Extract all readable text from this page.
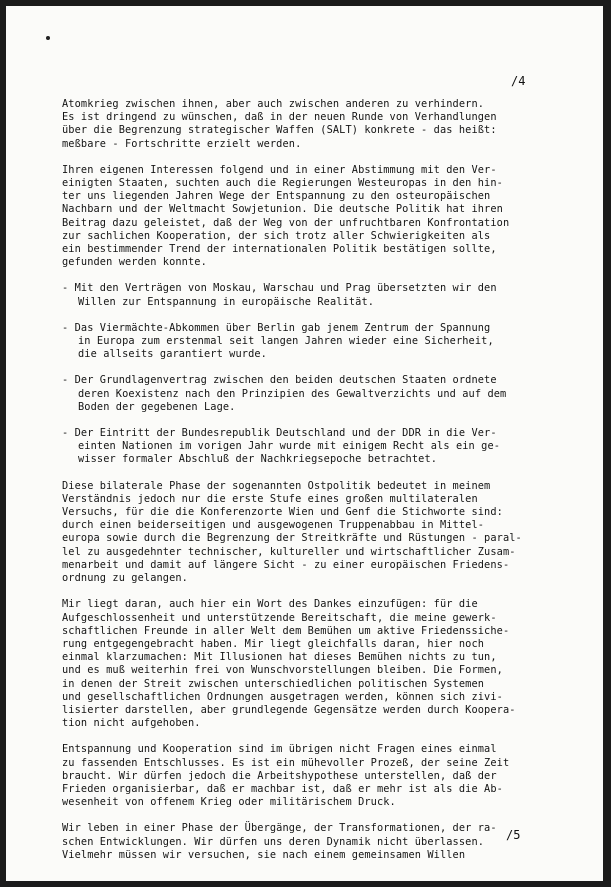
/4
Atomkrieg zwischen ihnen, aber auch zwischen anderen zu verhindern.
Es ist dringend zu wünschen, daß in der neuen Runde von Verhandlungen
über die Begrenzung strategischer Waffen (SALT) konkrete - das heißt:
meßbare - Fortschritte erzielt werden.
Ihren eigenen Interessen folgend und in einer Abstimmung mit den Ver-
einigten Staaten, suchten auch die Regierungen Westeuropas in den hin-
ter uns liegenden Jahren Wege der Entspannung zu den osteuropäischen
Nachbarn und der Weltmacht Sowjetunion. Die deutsche Politik hat ihren
Beitrag dazu geleistet, daß der Weg von der unfruchtbaren Konfrontation
zur sachlichen Kooperation, der sich trotz aller Schwierigkeiten als
ein bestimmender Trend der internationalen Politik bestätigen sollte,
gefunden werden konnte.
- Mit den Verträgen von Moskau, Warschau und Prag übersetzten wir den
Willen zur Entspannung in europäische Realität.
- Das Viermächte-Abkommen über Berlin gab jenem Zentrum der Spannung
in Europa zum erstenmal seit langen Jahren wieder eine Sicherheit,
die allseits garantiert wurde.
- Der Grundlagenvertrag zwischen den beiden deutschen Staaten ordnete
deren Koexistenz nach den Prinzipien des Gewaltverzichts und auf dem
Boden der gegebenen Lage.
- Der Eintritt der Bundesrepublik Deutschland und der DDR in die Ver-
einten Nationen im vorigen Jahr wurde mit einigem Recht als ein ge-
wisser formaler Abschluß der Nachkriegsepoche betrachtet.
Diese bilaterale Phase der sogenannten Ostpolitik bedeutet in meinem
Verständnis jedoch nur die erste Stufe eines großen multilateralen
Versuchs, für die die Konferenzorte Wien und Genf die Stichworte sind:
durch einen beiderseitigen und ausgewogenen Truppenabbau in Mittel-
europa sowie durch die Begrenzung der Streitkräfte und Rüstungen - paral-
lel zu ausgedehnter technischer, kultureller und wirtschaftlicher Zusam-
menarbeit und damit auf längere Sicht - zu einer europäischen Friedens-
ordnung zu gelangen.
Mir liegt daran, auch hier ein Wort des Dankes einzufügen: für die
Aufgeschlossenheit und unterstützende Bereitschaft, die meine gewerk-
schaftlichen Freunde in aller Welt dem Bemühen um aktive Friedenssiche-
rung entgegengebracht haben. Mir liegt gleichfalls daran, hier noch
einmal klarzumachen: Mit Illusionen hat dieses Bemühen nichts zu tun,
und es muß weiterhin frei von Wunschvorstellungen bleiben. Die Formen,
in denen der Streit zwischen unterschiedlichen politischen Systemen
und gesellschaftlichen Ordnungen ausgetragen werden, können sich zivi-
lisierter darstellen, aber grundlegende Gegensätze werden durch Koopera-
tion nicht aufgehoben.
Entspannung und Kooperation sind im übrigen nicht Fragen eines einmal
zu fassenden Entschlusses. Es ist ein mühevoller Prozeß, der seine Zeit
braucht. Wir dürfen jedoch die Arbeitshypothese unterstellen, daß der
Frieden organisierbar, daß er machbar ist, daß er mehr ist als die Ab-
wesenheit von offenem Krieg oder militärischem Druck.
Wir leben in einer Phase der Übergänge, der Transformationen, der ra-
schen Entwicklungen. Wir dürfen uns deren Dynamik nicht überlassen.
Vielmehr müssen wir versuchen, sie nach einem gemeinsamen Willen
/5
